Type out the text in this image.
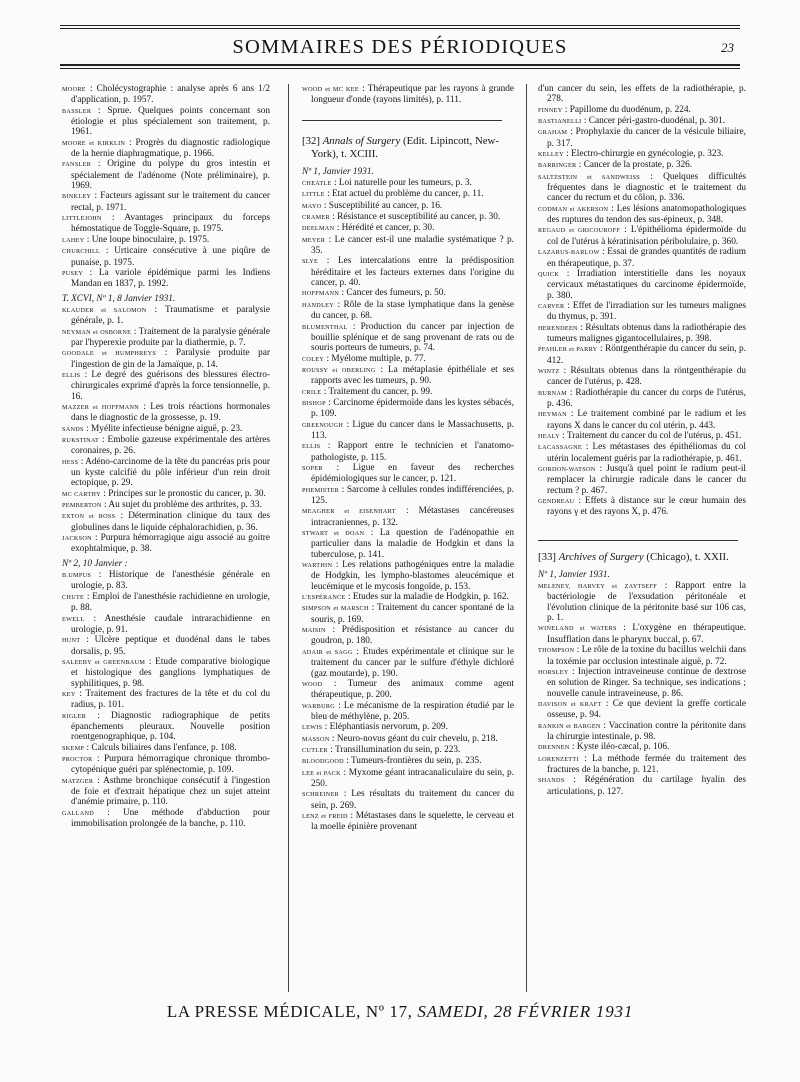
SOMMAIRES DES PÉRIODIQUES	23

MOORE : Cholécystographie : analyse après 6 ans 1/2 d'application, p. 1957.

BASSLER : Sprue. Quelques points concernant son étiologie et plus spécialement son traitement, p. 1961.

MOORE et KIRKLIN : Progrès du diagnostic radiologique de la hernie diaphragmatique, p. 1966.

FANSLER : Origine du polype du gros intestin et spécialement de l'adénome (Note préliminaire), p. 1969.

BINKLEY : Facteurs agissant sur le traitement du cancer rectal, p. 1971.

LITTLEJOHN : Avantages principaux du forceps hémostatique de Toggle-Square, p. 1975.

LAHEY : Une loupe binoculaire, p. 1975.

CHURCHILL : Urticaire consécutive à une piqûre de punaise, p. 1975.

PUSEY : La variole épidémique parmi les Indiens Mandan en 1837, p. 1992.

T. XCVI, Nº 1, 8 Janvier 1931.

KLAUDER et SALOMON : Traumatisme et paralysie générale, p. 1.

NEYMAN et OSBORNE : Traitement de la paralysie générale par l'hyperexie produite par la diathermie, p. 7.

GOODALE et HUMPHREYS : Paralysie produite par l'ingestion de gin de la Jamaïque, p. 14.

ELLIS : Le degré des guérisons des blessures électro-chirurgicales exprimé d'après la force tensionnelle, p. 16.

MAZZER et HOFFMANN : Les trois réactions hormonales dans le diagnostic de la grossesse, p. 19.

SANDS : Myélite infectieuse bénigne aiguë, p. 23.

RUKSTINAT : Embolie gazeuse expérimentale des artères coronaires, p. 26.

HESS : Adéno-carcinome de la tête du pancréas pris pour un kyste calcifié du pôle inférieur d'un rein droit ectopique, p. 29.

MC CARTHY : Principes sur le pronostic du cancer, p. 30.

PEMBERTON : Au sujet du problème des arthrites, p. 33.

EXTON et ROSS : Détermination clinique du taux des globulines dans le liquide céphalorachidien, p. 36.

JACKSON : Purpura hémorragique aigu associé au goitre exophtalmique, p. 38.

Nº 2, 10 Janvier :

B.UMPUS : Historique de l'anesthésie générale en urologie, p. 83.

CHUTE : Emploi de l'anesthésie rachidienne en urologie, p. 88.

EWELL : Anesthésie caudale intrarachidienne en urologie, p. 91.

HUNT : Ulcère peptique et duodénal dans le tabes dorsalis, p. 95.

SALEEBY et GREENBAUM : Etude comparative biologique et histologique des ganglions lymphatiques de syphilitiques, p. 98.

KEY : Traitement des fractures de la tête et du col du radius, p. 101.

RIGLER : Diagnostic radiographique de petits épanchements pleuraux. Nouvelle position roentgenographique, p. 104.

SKEMP : Calculs biliaires dans l'enfance, p. 108.

PROCTOR : Purpura hémorragique chronique thrombo-cytopénique guéri par splénectomie, p. 109.

MATZGER : Asthme bronchique consécutif à l'ingestion de foie et d'extrait hépatique chez un sujet atteint d'anémie primaire, p. 110.

GALLAND : Une méthode d'abduction pour immobilisation prolongée de la banche, p. 110.

WOOD et MC KEE : Thérapeutique par les rayons à grande longueur d'onde (rayons limités), p. 111.

[32] Annals of Surgery (Edit. Lipincott, New-York), t. XCIII.
Nº 1, Janvier 1931.

CHEATLE : Loi naturelle pour les tumeurs, p. 3.

LITTLE : Etat actuel du problème du cancer, p. 11.

MAYO : Susceptibilité au cancer, p. 16.

CRAMER : Résistance et susceptibilité au cancer, p. 30.

DEELMAN : Hérédité et cancer, p. 30.

MEYER : Le cancer est-il une maladie systématique ? p. 35.

SLYE : Les intercalations entre la prédisposition héréditaire et les facteurs externes dans l'origine du cancer, p. 40.

HOFFMANN : Cancer des fumeurs, p. 50.

HANDLEY : Rôle de la stase lymphatique dans la genèse du cancer, p. 68.

BLUMENTHAL : Production du cancer par injection de bouillie splénique et de sang provenant de rats ou de souris porteurs de tumeurs, p. 74.

COLEY : Myélome multiple, p. 77.

ROUSSY et OBERLING : La métaplasie épithéliale et ses rapports avec les tumeurs, p. 90.

CRILE : Traitement du cancer, p. 99.

BISHOP : Carcinome épidermoïde dans les kystes sébacés, p. 109.

GREENOUGH : Ligue du cancer dans le Massachusetts, p. 113.

ELLIS : Rapport entre le technicien et l'anatomo-pathologiste, p. 115.

SOPER : Ligue en faveur des recherches épidémiologiques sur le cancer, p. 121.

PHEMISTER : Sarcome à cellules rondes indifférenciées, p. 125.

MEAGHER et EISENHART : Métastases cancéreuses intracraniennes, p. 132.

STWART et DOAN : La question de l'adénopathie en particulier dans la maladie de Hodgkin et dans la tuberculose, p. 141.

WARTHIN : Les relations pathogéniques entre la maladie de Hodgkin, les lympho-blastomes aleucémique et leucémique et le mycosis fongoïde, p. 153.

L'ESPÉRANCE : Etudes sur la maladie de Hodgkin, p. 162.

SIMPSON et MARSCH : Traitement du cancer spontané de la souris, p. 169.

MAISIN : Prédisposition et résistance au cancer du goudron, p. 180.

ADAIR et SAGG : Etudes expérimentale et clinique sur le traitement du cancer par le sulfure d'éthyle dichloré (gaz moutarde), p. 190.

WOOD : Tumeur des animaux comme agent thérapeutique, p. 200.

WARBURG : Le mécanisme de la respiration étudié par le bleu de méthylène, p. 205.

LEWIS : Eléphantiasis nervorum, p. 209.

MASSON : Neuro-novus géant du cuir chevelu, p. 218.

CUTLER : Transillumination du sein, p. 223.

BLOODGOOD : Tumeurs-frontières du sein, p. 235.

LEE et PACK : Myxome géant intracanaliculaire du sein, p. 250.

SCHREINER : Les résultats du traitement du cancer du sein, p. 269.

LENZ et FREID : Métastases dans le squelette, le cerveau et la moelle épinière provenant

d'un cancer du sein, les effets de la radiothérapie, p. 278.

FINNEY : Papillome du duodénum, p. 224.

BASTIANELLI : Cancer péri-gastro-duodénal, p. 301.

GRAHAM : Prophylaxie du cancer de la vésicule biliaire, p. 317.

KELLEY : Electro-chirurgie en gynécologie, p. 323.

BARRINGER : Cancer de la prostate, p. 326.

SALTZSTEIN et SANDWEISS : Quelques difficultés fréquentes dans le diagnostic et le traitement du cancer du rectum et du côlon, p. 336.

CODMAN et AKERSON : Les lésions anatomopathologiques des ruptures du tendon des sus-épineux, p. 348.

REGAUD et GRICOUROFF : L'épithélioma épidermoïde du col de l'utérus à kératinisation péribolulaire, p. 360.

LAZARUS-BARLOW : Essai de grandes quantités de radium en thérapeutique, p. 37.

QUICK : Irradiation interstitielle dans les noyaux cervicaux métastatiques du carcinome épidermoïde, p. 380.

CARVER : Effet de l'irradiation sur les tumeurs malignes du thymus, p. 391.

HERENDEEN : Résultats obtenus dans la radiothérapie des tumeurs malignes gigantocellulaires, p. 398.

PFAHLER et PARRY : Röntgenthérapie du cancer du sein, p. 412.

WINTZ : Résultats obtenus dans la röntgenthérapie du cancer de l'utérus, p. 428.

BURNAM : Radiothérapie du cancer du corps de l'utérus, p. 436.

HEYMAN : Le traitement combiné par le radium et les rayons X dans le cancer du col utérin, p. 443.

HEALY : Traitement du cancer du col de l'utérus, p. 451.

LACASSAGNE : Les métastases des épithéliomas du col utérin localement guéris par la radiothérapie, p. 461.

GORDON-WATSON : Jusqu'à quel point le radium peut-il remplacer la chirurgie radicale dans le cancer du rectum ? p. 467.

GENDREAU : Effets à distance sur le cœur humain des rayons γ et des rayons X, p. 476.

[33] Archives of Surgery (Chicago), t. XXII.
Nº 1, Janvier 1931.

MELENEY, HARVEY et ZAYTSEFF : Rapport entre la bactériologie de l'exsudation péritonéale et l'évolution clinique de la péritonite basé sur 106 cas, p. 1.

WINELAND et WATERS : L'oxygène en thérapeutique. Insufflation dans le pharynx buccal, p. 67.

THOMPSON : Le rôle de la toxine du bacillus welchii dans la toxémie par occlusion intestinale aiguë, p. 72.

HORSLEY : Injection intraveineuse continue de dextrose en solution de Ringer. Sa technique, ses indications ; nouvelle canule intraveineuse, p. 86.

DAVISON et KRAFT : Ce que devient la greffe corticale osseuse, p. 94.

RANKIN et BARGEN : Vaccination contre la péritonite dans la chirurgie intestinale, p. 98.

DRENNEN : Kyste iléo-cæcal, p. 106.

LORENZETTI : La méthode fermée du traitement des fractures de la banche, p. 121.

SHANDS : Régénération du cartilage hyalin des articulations, p. 127.

LA PRESSE MÉDICALE, Nº 17, SAMEDI, 28 FÉVRIER 1931
